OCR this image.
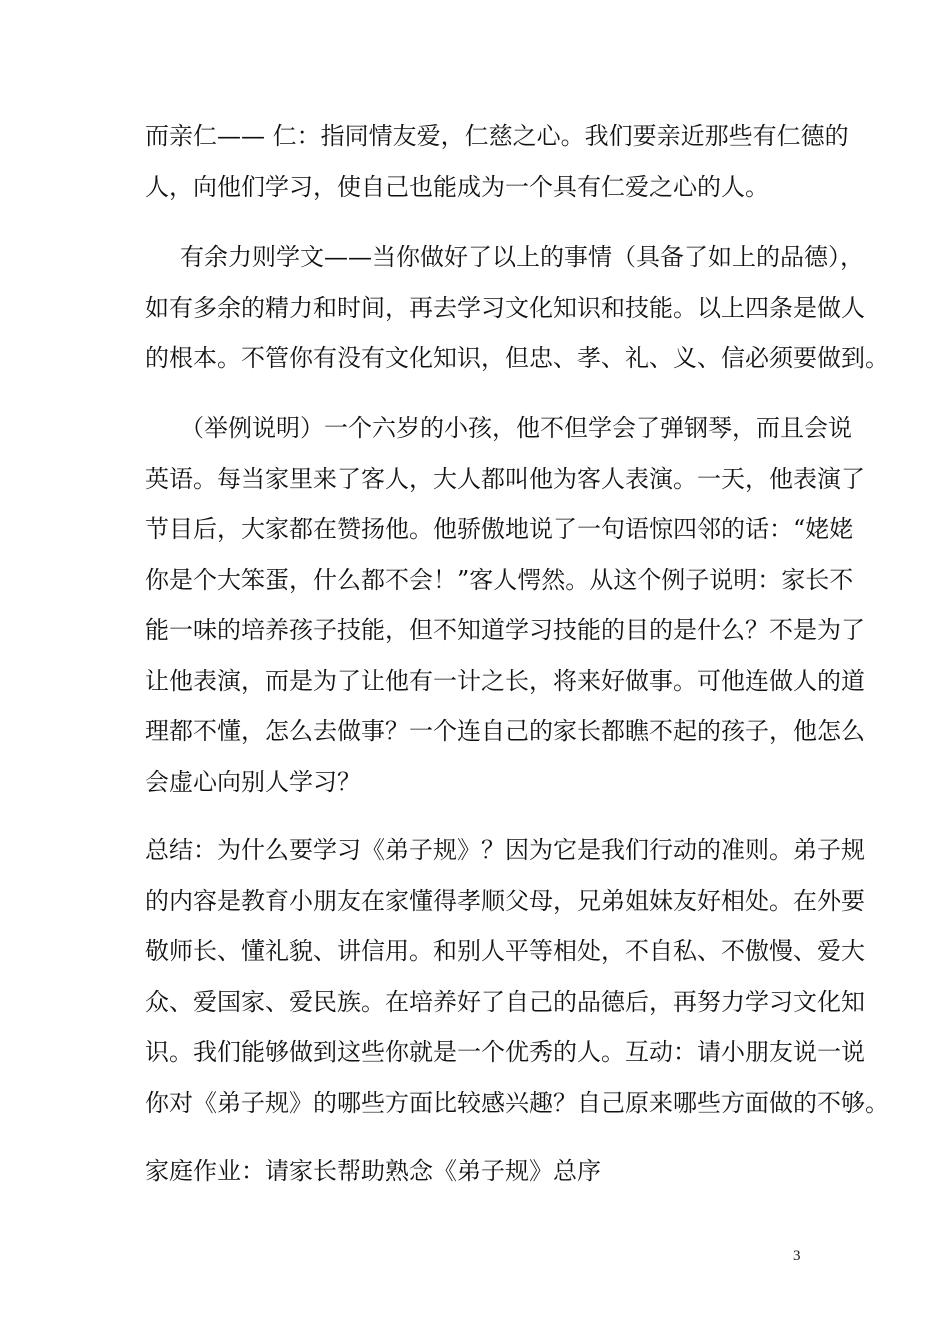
而亲仁—— 仁：指同情友爱，仁慈之心。我们要亲近那些有仁德的
人，向他们学习，使自己也能成为一个具有仁爱之心的人。

有余力则学文——当你做好了以上的事情（具备了如上的品德），
如有多余的精力和时间，再去学习文化知识和技能。以上四条是做人
的根本。不管你有没有文化知识，但忠、孝、礼、义、信必须要做到。

（举例说明）一个六岁的小孩，他不但学会了弹钢琴，而且会说
英语。每当家里来了客人，大人都叫他为客人表演。一天，他表演了
节目后，大家都在赞扬他。他骄傲地说了一句语惊四邻的话：“姥姥
你是个大笨蛋，什么都不会！”客人愕然。从这个例子说明：家长不
能一味的培养孩子技能，但不知道学习技能的目的是什么？不是为了
让他表演，而是为了让他有一计之长，将来好做事。可他连做人的道
理都不懂，怎么去做事？一个连自己的家长都瞧不起的孩子，他怎么
会虚心向别人学习？

总结：为什么要学习《弟子规》？因为它是我们行动的准则。弟子规
的内容是教育小朋友在家懂得孝顺父母，兄弟姐妹友好相处。在外要
敬师长、懂礼貌、讲信用。和别人平等相处，不自私、不傲慢、爱大
众、爱国家、爱民族。在培养好了自己的品德后，再努力学习文化知
识。我们能够做到这些你就是一个优秀的人。互动：请小朋友说一说
你对《弟子规》的哪些方面比较感兴趣？自己原来哪些方面做的不够。

家庭作业：请家长帮助熟念《弟子规》总序

3
